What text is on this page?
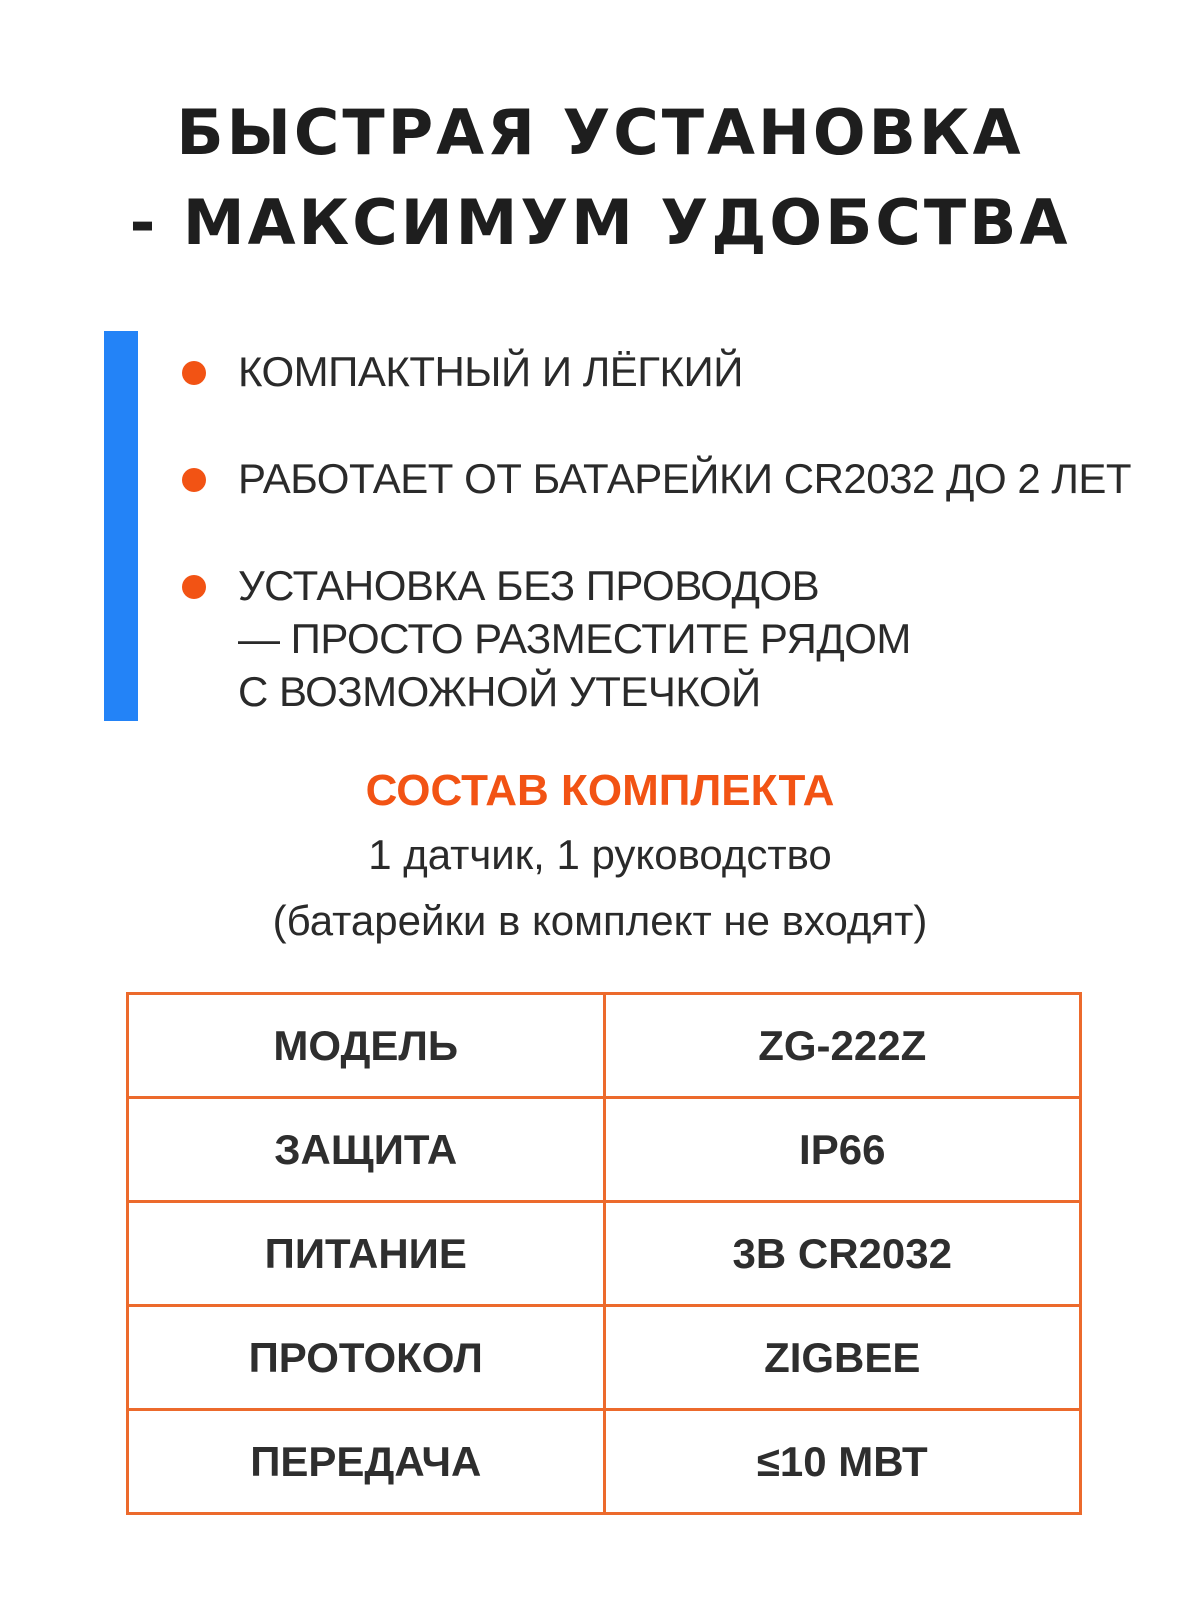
БЫСТРАЯ УСТАНОВКА
- МАКСИМУМ УДОБСТВА
КОМПАКТНЫЙ И ЛЁГКИЙ
РАБОТАЕТ ОТ БАТАРЕЙКИ CR2032 ДО 2 ЛЕТ
УСТАНОВКА БЕЗ ПРОВОДОВ
— ПРОСТО РАЗМЕСТИТЕ РЯДОМ
С ВОЗМОЖНОЙ УТЕЧКОЙ
СОСТАВ КОМПЛЕКТА
1 датчик, 1 руководство
(батарейки в комплект не входят)
МОДЕЛЬ	ZG-222Z
ЗАЩИТА	IP66
ПИТАНИЕ	3В CR2032
ПРОТОКОЛ	ZIGBEE
ПЕРЕДАЧА	≤10 МВТ
